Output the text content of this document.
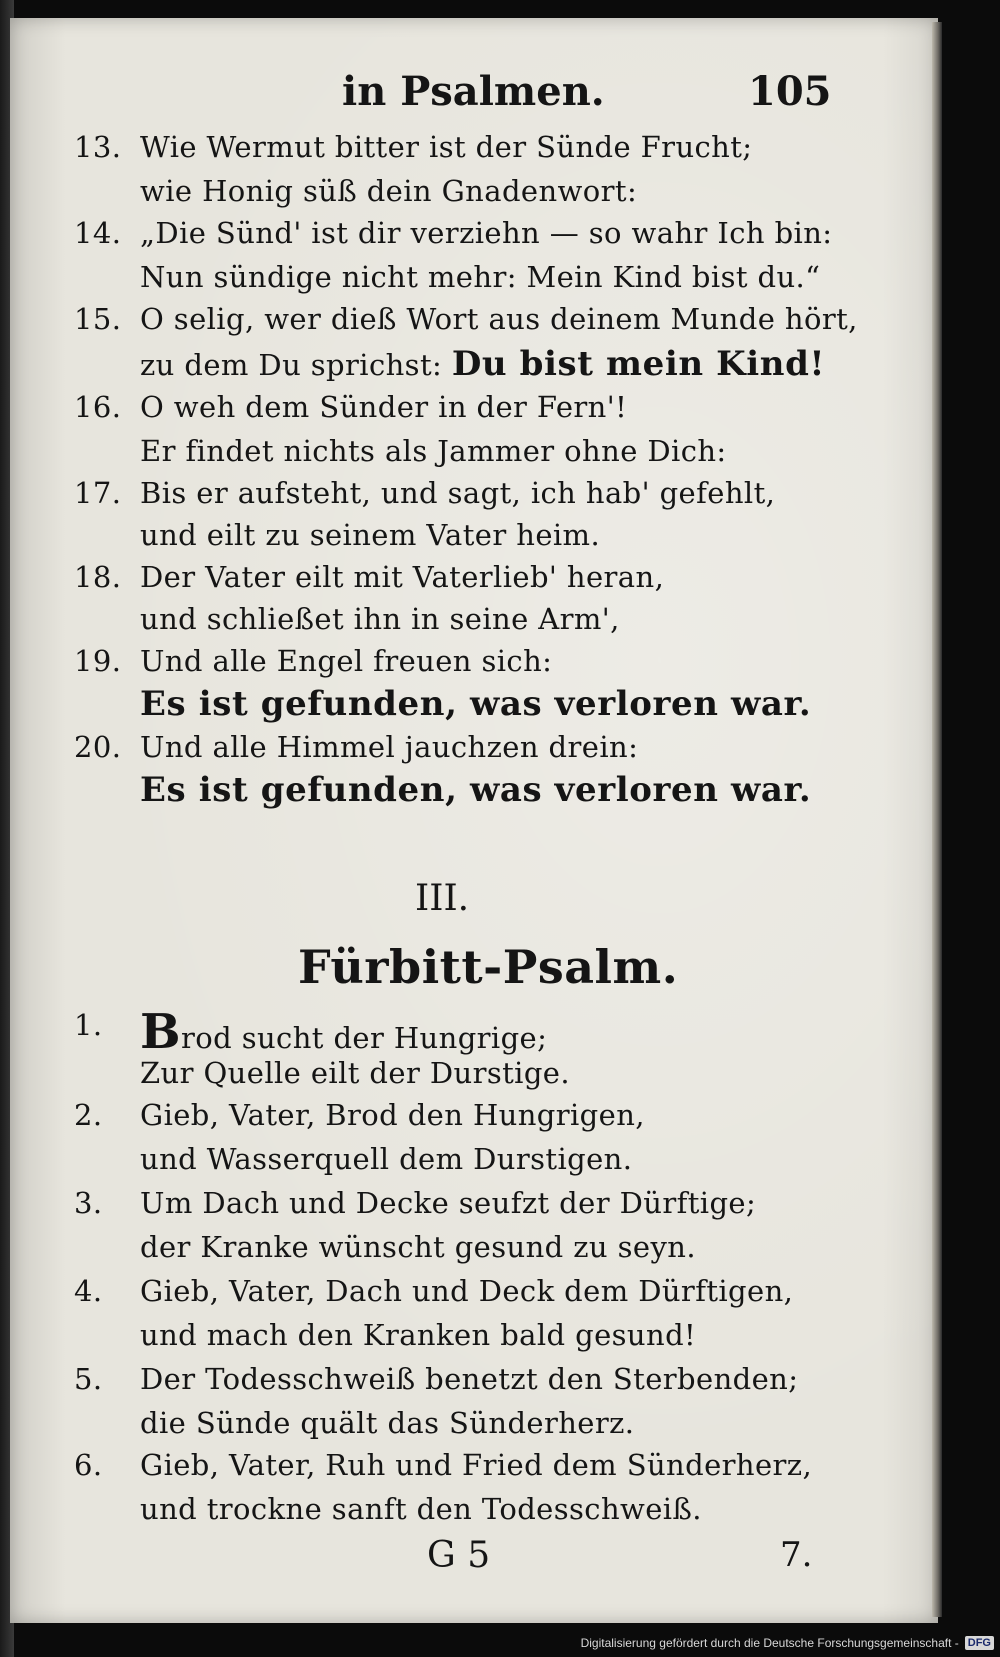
in Psalmen.	105
13. Wie Wermut bitter ist der Sünde Frucht;
wie Honig süß dein Gnadenwort:
14. „Die Sünd' ist dir verziehn — so wahr Ich bin:
Nun sündige nicht mehr: Mein Kind bist du.“
15. O selig, wer dieß Wort aus deinem Munde hört,
zu dem Du sprichst: Du bist mein Kind!
16. O weh dem Sünder in der Fern'!
Er findet nichts als Jammer ohne Dich:
17. Bis er aufsteht, und sagt, ich hab' gefehlt,
und eilt zu seinem Vater heim.
18. Der Vater eilt mit Vaterlieb' heran,
und schließet ihn in seine Arm',
19. Und alle Engel freuen sich:
Es ist gefunden, was verloren war.
20. Und alle Himmel jauchzen drein:
Es ist gefunden, was verloren war.
III.
Fürbitt-Psalm.
1. Brod sucht der Hungrige;
Zur Quelle eilt der Durstige.
2. Gieb, Vater, Brod den Hungrigen,
und Wasserquell dem Durstigen.
3. Um Dach und Decke seufzt der Dürftige;
der Kranke wünscht gesund zu seyn.
4. Gieb, Vater, Dach und Deck dem Dürftigen,
und mach den Kranken bald gesund!
5. Der Todesschweiß benetzt den Sterbenden;
die Sünde quält das Sünderherz.
6. Gieb, Vater, Ruh und Fried dem Sünderherz,
und trockne sanft den Todesschweiß.
G 5	7.
Digitalisierung gefördert durch die Deutsche Forschungsgemeinschaft - DFG
